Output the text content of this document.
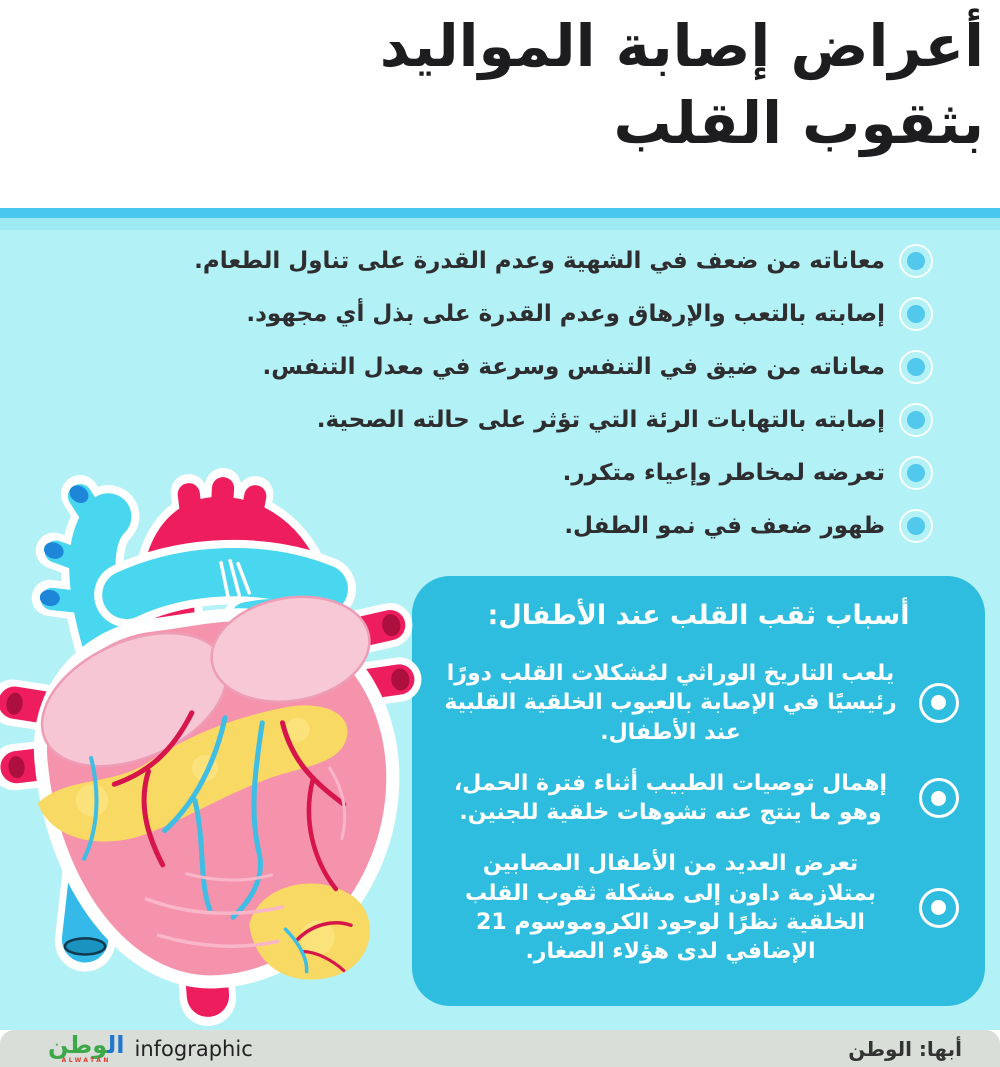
أعراض إصابة المواليد
بثقوب القلب
معاناته من ضعف في الشهية وعدم القدرة على تناول الطعام.
إصابته بالتعب والإرهاق وعدم القدرة على بذل أي مجهود.
معاناته من ضيق في التنفس وسرعة في معدل التنفس.
إصابته بالتهابات الرئة التي تؤثر على حالته الصحية.
تعرضه لمخاطر وإعياء متكرر.
ظهور ضعف في نمو الطفل.
أسباب ثقب القلب عند الأطفال:
يلعب التاريخ الوراثي لمُشكلات القلب دورًا رئيسيًا في الإصابة بالعيوب الخلقية القلبية عند الأطفال.
إهمال توصيات الطبيب أثناء فترة الحمل، وهو ما ينتج عنه تشوهات خلقية للجنين.
تعرض العديد من الأطفال المصابين بمتلازمة داون إلى مشكلة ثقوب القلب الخلقية نظرًا لوجود الكروموسوم 21 الإضافي لدى هؤلاء الصغار.
الوطن
ALWATAN infographic	أبها: الوطن
